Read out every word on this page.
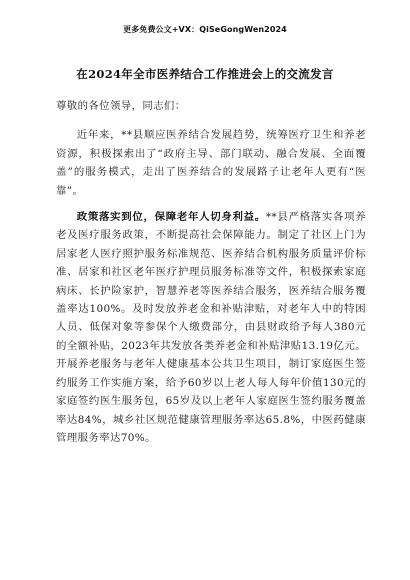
更多免费公文+VX：QiSeGongWen2024
在2024年全市医养结合工作推进会上的交流发言

尊敬的各位领导，同志们：

近年来，**县顺应医养结合发展趋势，统筹医疗卫生和养老资源，积极探索出了“政府主导、部门联动、融合发展、全面覆盖”的服务模式，走出了医养结合的发展路子让老年人更有“医靠”。

政策落实到位，保障老年人切身利益。**县严格落实各项养老及医疗服务政策，不断提高社会保障能力。制定了社区上门为居家老人医疗照护服务标准规范、医养结合机构服务质量评价标准、居家和社区老年医疗护理员服务标准等文件，积极探索家庭病床、长护险家护，智慧养老等医养结合服务，医养结合服务覆盖率达100%。及时发放养老金和补贴津贴，对老年人中的特困人员、低保对象等参保个人缴费部分，由县财政给予每人380元的全额补贴，2023年共发放各类养老金和补贴津贴13.19亿元。开展养老服务与老年人健康基本公共卫生项目，制订家庭医生签约服务工作实施方案，给予60岁以上老人每人每年价值130元的家庭签约医生服务包，65岁及以上老年人家庭医生签约服务覆盖率达84%，城乡社区规范健康管理服务率达65.8%，中医药健康管理服务率达70%。
